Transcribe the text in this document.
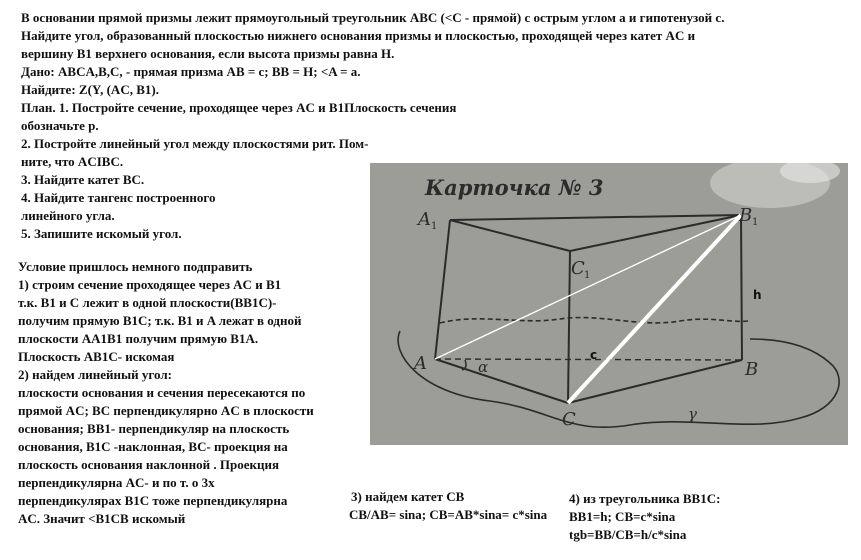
В основании прямой призмы лежит прямоугольный треугольник ABC (<C - прямой) с острым углом а и гипотенузой c.
Найдите угол, образованный плоскостью нижнего основания призмы и плоскостью, проходящей через катет AC и
вершину B1 верхнего основания, если высота призмы равна H.
Дано: ABCA,B,C, - прямая призма AB = c; BB = H; <A = a.
Найдите: Z(Y, (AC, B1).
План. 1. Постройте сечение, проходящее через AC и B1Плоскость сечения
обозначьте р.
2. Постройте линейный угол между плоскостями рит. Пом-
ните, что ACIBC.
3. Найдите катет BC.
4. Найдите тангенс построенного
линейного угла.
5. Запишите искомый угол.
Условие пришлось немного подправить
1) строим сечение проходящее через AC и B1
т.к. B1 и C лежит в одной плоскости(BB1C)-
получим прямую B1C; т.к. B1 и A лежат в одной
плоскости AA1B1 получим прямую B1A.
Плоскость AB1C- искомая
2) найдем линейный угол:
плоскости основания и сечения пересекаются по
прямой AC; BC перпендикулярно AC в плоскости
основания; BB1- перпендикуляр на плоскость
основания, B1C -наклонная, BC- проекция на
плоскость основания наклонной . Проекция
перпендикулярна AC- и по т. о 3х
перпендикулярах B1C тоже перпендикулярна
AC. Значит <B1CB искомый
3) найдем катет CB
CB/AB= sina; CB=AB*sina= c*sina
4) из треугольника BB1C:
BB1=h; CB=c*sina
tgb=BB/CB=h/c*sina
Карточка № 3
A 1
B 1
C 1
A	B
C
α
γ
h
c
